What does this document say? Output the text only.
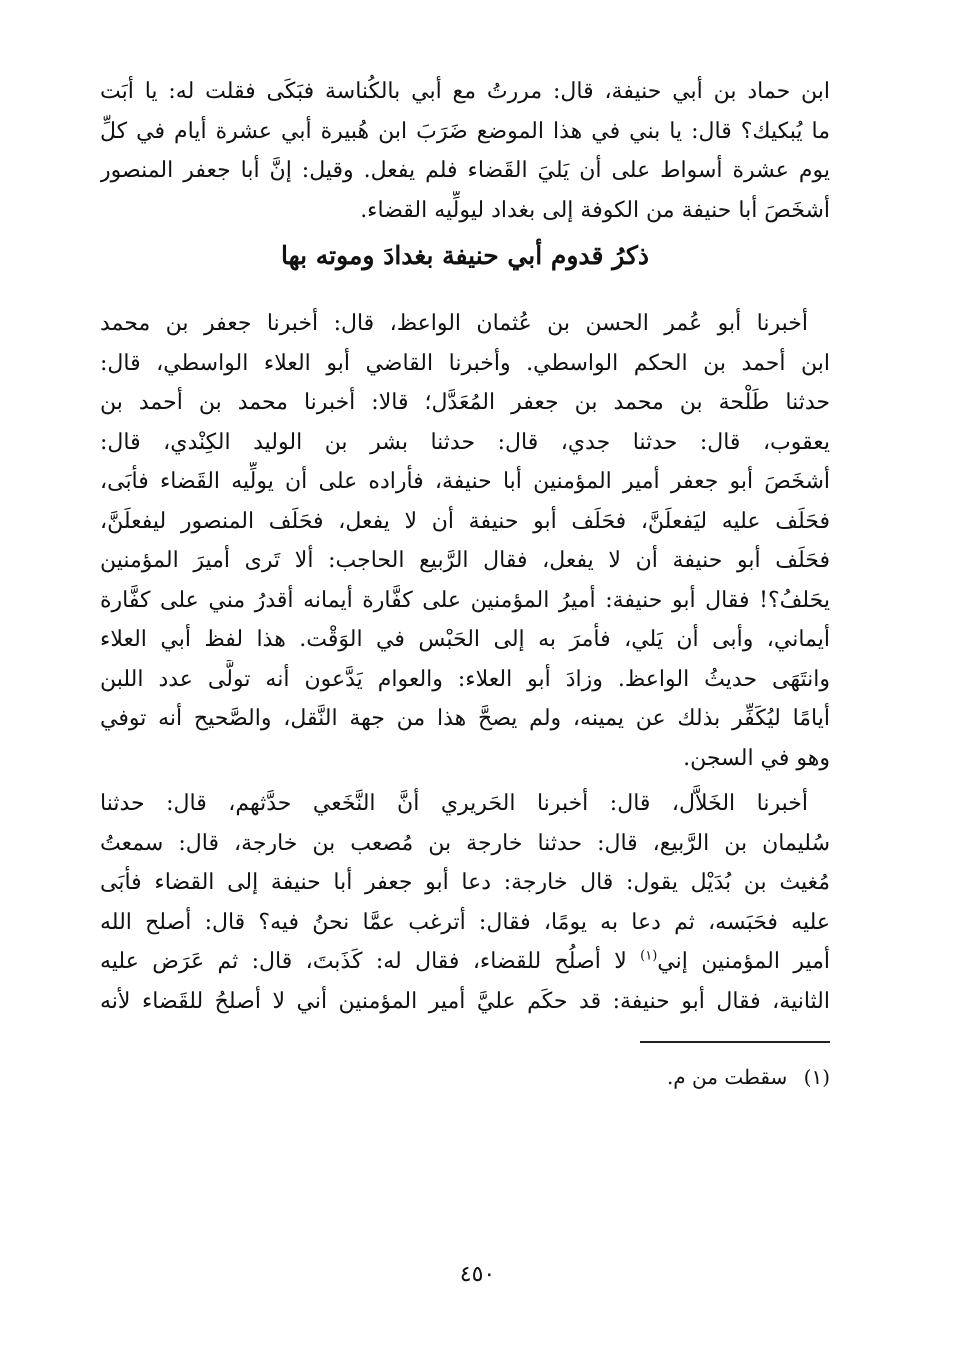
ابن حماد بن أبي حنيفة، قال: مررتُ مع أبي بالكُناسة فبَكَى فقلت له: يا أبَت
ما يُبكيك؟ قال: يا بني في هذا الموضع ضَرَبَ ابن هُبيرة أبي عشرة أيام في كلِّ
يوم عشرة أسواط على أن يَليَ القَضاء فلم يفعل. وقيل: إنَّ أبا جعفر المنصور
أشخَصَ أبا حنيفة من الكوفة إلى بغداد ليولِّيه القضاء.

ذكرُ قدوم أبي حنيفة بغدادَ وموته بها

أخبرنا أبو عُمر الحسن بن عُثمان الواعظ، قال: أخبرنا جعفر بن محمد
ابن أحمد بن الحكم الواسطي. وأخبرنا القاضي أبو العلاء الواسطي، قال:
حدثنا طَلْحة بن محمد بن جعفر المُعَدَّل؛ قالا: أخبرنا محمد بن أحمد بن
يعقوب، قال: حدثنا جدي، قال: حدثنا بشر بن الوليد الكِنْدي، قال:
أشخَصَ أبو جعفر أمير المؤمنين أبا حنيفة، فأراده على أن يولِّيه القَضاء فأبَى،
فحَلَف عليه ليَفعلَنَّ، فحَلَف أبو حنيفة أن لا يفعل، فحَلَف المنصور ليفعلَنَّ،
فحَلَف أبو حنيفة أن لا يفعل، فقال الرَّبيع الحاجب: ألا تَرى أميرَ المؤمنين
يحَلفُ؟! فقال أبو حنيفة: أميرُ المؤمنين على كفَّارة أيمانه أقدرُ مني على كفَّارة
أيماني، وأبى أن يَلي، فأمرَ به إلى الحَبْس في الوَقْت. هذا لفظ أبي العلاء
وانتَهَى حديثُ الواعظ. وزادَ أبو العلاء: والعوام يَدَّعون أنه تولَّى عدد اللبن
أيامًا ليُكَفِّر بذلك عن يمينه، ولم يصحَّ هذا من جهة النَّقل، والصَّحيح أنه توفي
وهو في السجن.

أخبرنا الخَلاَّل، قال: أخبرنا الحَريري أنَّ النَّخَعي حدَّثهم، قال: حدثنا
سُليمان بن الرَّبيع، قال: حدثنا خارجة بن مُصعب بن خارجة، قال: سمعتُ
مُغيث بن بُدَيْل يقول: قال خارجة: دعا أبو جعفر أبا حنيفة إلى القضاء فأبَى
عليه فحَبَسه، ثم دعا به يومًا، فقال: أترغب عمَّا نحنُ فيه؟ قال: أصلح الله
أمير المؤمنين إني$^{(١)}$ لا أصلُح للقضاء، فقال له: كَذَبتَ، قال: ثم عَرَض عليه
الثانية، فقال أبو حنيفة: قد حكَم عليَّ أمير المؤمنين أني لا أصلحُ للقَضاء لأنه

(١) سقطت من م.

٤٥٠
